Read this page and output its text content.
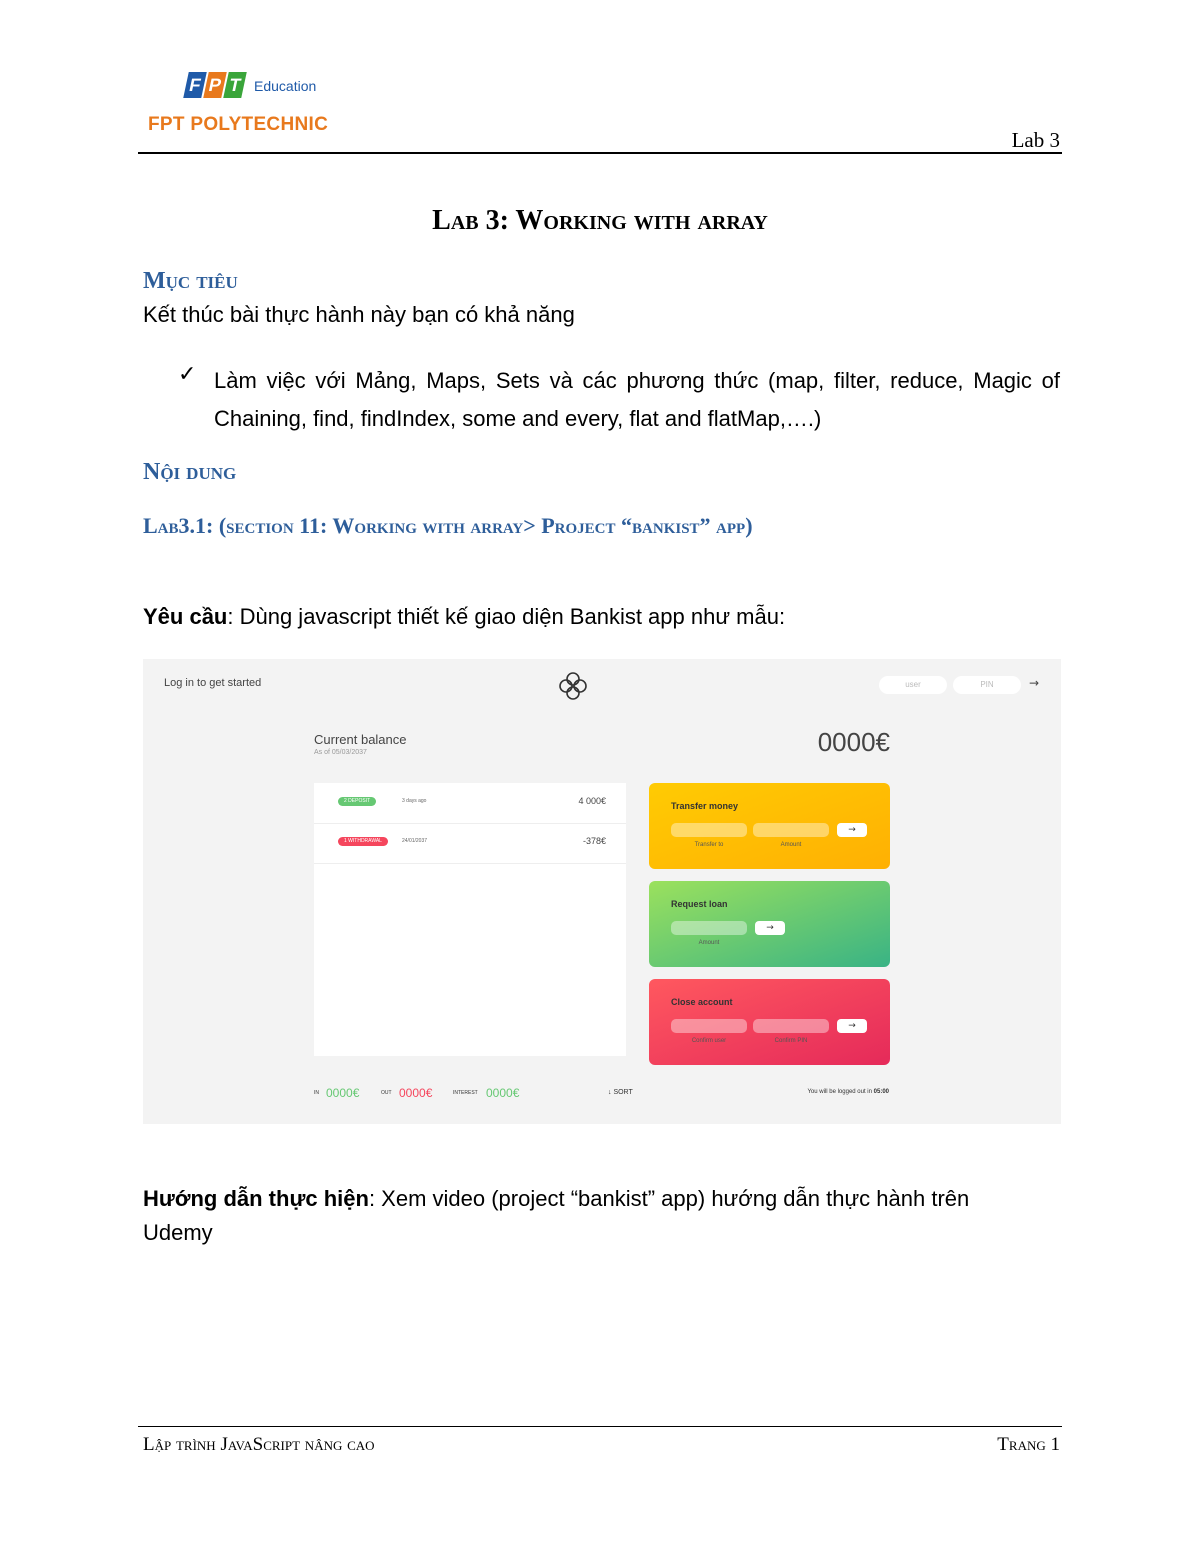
F P T Education
FPT POLYTECHNIC
Lab 3
Lab 3: Working with array
Mục tiêu
Kết thúc bài thực hành này bạn có khả năng
✓ Làm việc với Mảng, Maps, Sets và các phương thức (map, filter, reduce, Magic of Chaining, find, findIndex, some and every, flat and flatMap,….)
Nội dung
Lab3.1: (section 11: Working with array> Project “bankist” app)
Yêu cầu: Dùng javascript thiết kế giao diện Bankist app như mẫu:
Log in to get started	user	PIN	→
Current balance
As of 05/03/2037	0000€
2 DEPOSIT	3 days ago	4 000€
1 WITHDRAWAL	24/01/2037	-378€
Transfer money
→
Transfer to	Amount
Request loan
→
Amount
Close account
→
Confirm user	Confirm PIN
IN 0000€	OUT 0000€	INTEREST 0000€	↓ SORT	You will be logged out in 05:00
Hướng dẫn thực hiện: Xem video (project “bankist” app) hướng dẫn thực hành trên Udemy
Lập trình JavaScript nâng cao	Trang 1
